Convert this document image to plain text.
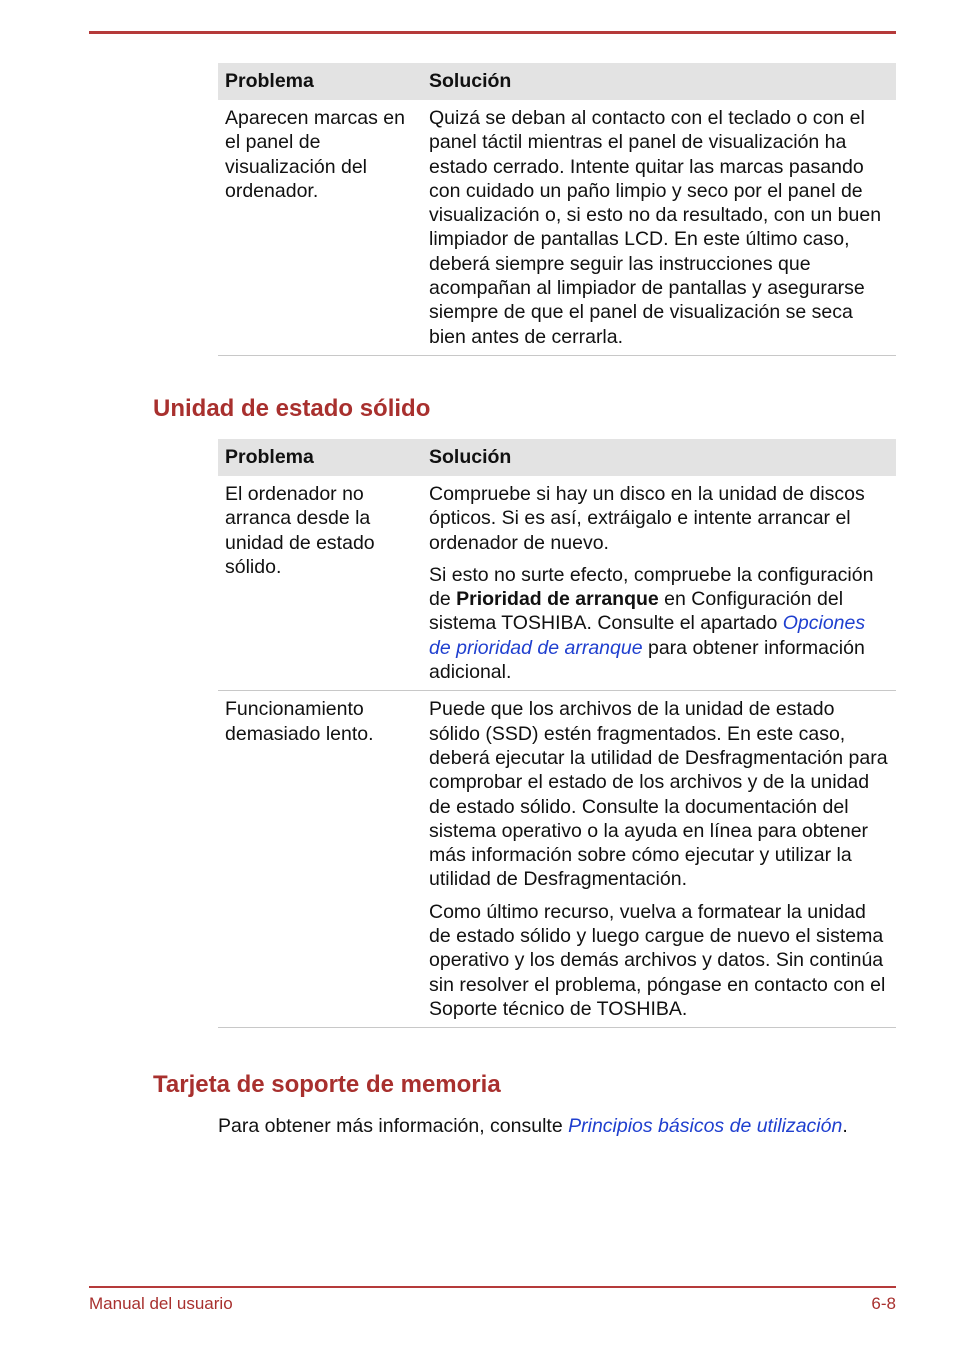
Problema	Solución
Aparecen marcas en el panel de visualización del ordenador.	Quizá se deban al contacto con el teclado o con el panel táctil mientras el panel de visualización ha estado cerrado. Intente quitar las marcas pasando con cuidado un paño limpio y seco por el panel de visualización o, si esto no da resultado, con un buen limpiador de pantallas LCD. En este último caso, deberá siempre seguir las instrucciones que acompañan al limpiador de pantallas y asegurarse siempre de que el panel de visualización se seca bien antes de cerrarla.
Unidad de estado sólido
Problema	Solución
El ordenador no arranca desde la unidad de estado sólido.	Compruebe si hay un disco en la unidad de discos ópticos. Si es así, extráigalo e intente arrancar el ordenador de nuevo.

Si esto no surte efecto, compruebe la configuración de Prioridad de arranque en Configuración del sistema TOSHIBA. Consulte el apartado Opciones de prioridad de arranque para obtener información adicional.

Funcionamiento demasiado lento.	Puede que los archivos de la unidad de estado sólido (SSD) estén fragmentados. En este caso, deberá ejecutar la utilidad de Desfragmentación para comprobar el estado de los archivos y de la unidad de estado sólido. Consulte la documentación del sistema operativo o la ayuda en línea para obtener más información sobre cómo ejecutar y utilizar la utilidad de Desfragmentación.

Como último recurso, vuelva a formatear la unidad de estado sólido y luego cargue de nuevo el sistema operativo y los demás archivos y datos. Sin continúa sin resolver el problema, póngase en contacto con el Soporte técnico de TOSHIBA.

Tarjeta de soporte de memoria

Para obtener más información, consulte Principios básicos de utilización.

Manual del usuario	6-8
